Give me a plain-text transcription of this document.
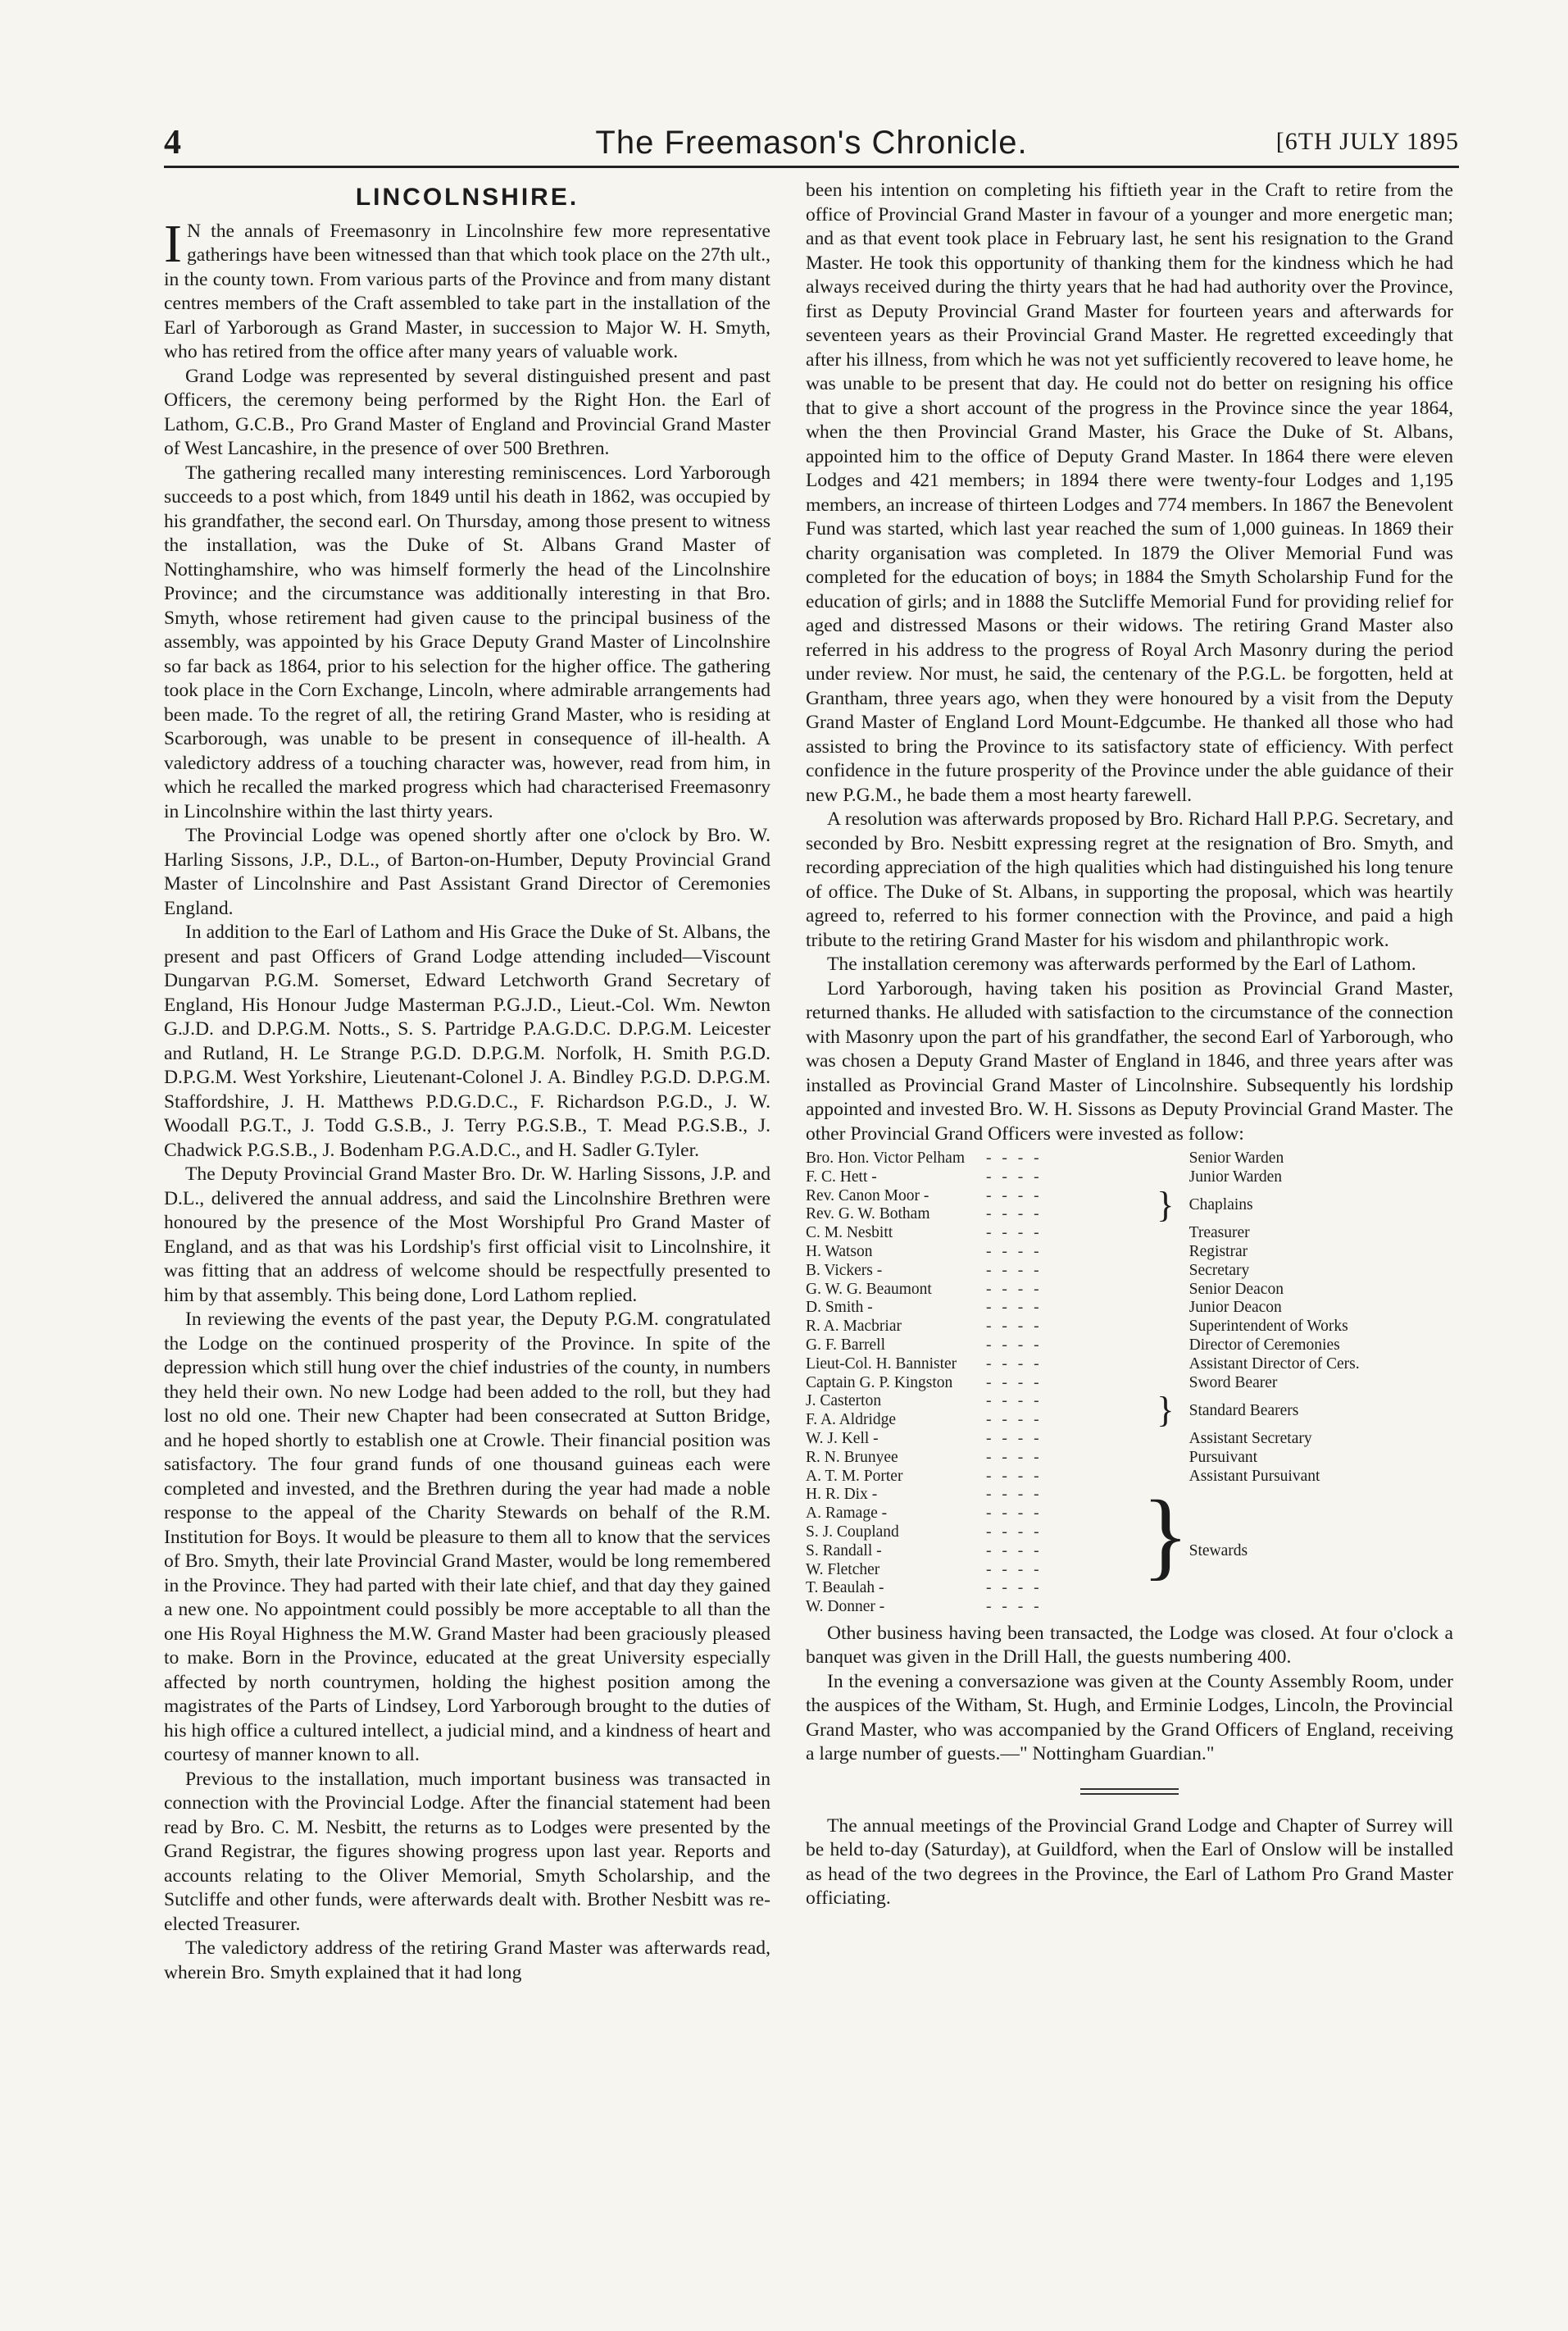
4	The Freemason's Chronicle.	[6TH JULY 1895
LINCOLNSHIRE.

I N the annals of Freemasonry in Lincolnshire few more representative gatherings have been witnessed than that which took place on the 27th ult., in the county town. From various parts of the Province and from many distant centres members of the Craft assembled to take part in the installation of the Earl of Yarborough as Grand Master, in succession to Major W. H. Smyth, who has retired from the office after many years of valuable work.

Grand Lodge was represented by several distinguished present and past Officers, the ceremony being performed by the Right Hon. the Earl of Lathom, G.C.B., Pro Grand Master of England and Provincial Grand Master of West Lancashire, in the presence of over 500 Brethren.

The gathering recalled many interesting reminiscences. Lord Yarborough succeeds to a post which, from 1849 until his death in 1862, was occupied by his grandfather, the second earl. On Thursday, among those present to witness the installation, was the Duke of St. Albans Grand Master of Nottinghamshire, who was himself formerly the head of the Lincolnshire Province; and the circumstance was additionally interesting in that Bro. Smyth, whose retirement had given cause to the principal business of the assembly, was appointed by his Grace Deputy Grand Master of Lincolnshire so far back as 1864, prior to his selection for the higher office. The gathering took place in the Corn Exchange, Lincoln, where admirable arrangements had been made. To the regret of all, the retiring Grand Master, who is residing at Scarborough, was unable to be present in consequence of ill-health. A valedictory address of a touching character was, however, read from him, in which he recalled the marked progress which had characterised Freemasonry in Lincolnshire within the last thirty years.

The Provincial Lodge was opened shortly after one o'clock by Bro. W. Harling Sissons, J.P., D.L., of Barton-on-Humber, Deputy Provincial Grand Master of Lincolnshire and Past Assistant Grand Director of Ceremonies England.

In addition to the Earl of Lathom and His Grace the Duke of St. Albans, the present and past Officers of Grand Lodge attending included—Viscount Dungarvan P.G.M. Somerset, Edward Letchworth Grand Secretary of England, His Honour Judge Masterman P.G.J.D., Lieut.-Col. Wm. Newton G.J.D. and D.P.G.M. Notts., S. S. Partridge P.A.G.D.C. D.P.G.M. Leicester and Rutland, H. Le Strange P.G.D. D.P.G.M. Norfolk, H. Smith P.G.D. D.P.G.M. West Yorkshire, Lieutenant-Colonel J. A. Bindley P.G.D. D.P.G.M. Staffordshire, J. H. Matthews P.D.G.D.C., F. Richardson P.G.D., J. W. Woodall P.G.T., J. Todd G.S.B., J. Terry P.G.S.B., T. Mead P.G.S.B., J. Chadwick P.G.S.B., J. Bodenham P.G.A.D.C., and H. Sadler G.Tyler.

The Deputy Provincial Grand Master Bro. Dr. W. Harling Sissons, J.P. and D.L., delivered the annual address, and said the Lincolnshire Brethren were honoured by the presence of the Most Worshipful Pro Grand Master of England, and as that was his Lordship's first official visit to Lincolnshire, it was fitting that an address of welcome should be respectfully presented to him by that assembly. This being done, Lord Lathom replied.

In reviewing the events of the past year, the Deputy P.G.M. congratulated the Lodge on the continued prosperity of the Province. In spite of the depression which still hung over the chief industries of the county, in numbers they held their own. No new Lodge had been added to the roll, but they had lost no old one. Their new Chapter had been consecrated at Sutton Bridge, and he hoped shortly to establish one at Crowle. Their financial position was satisfactory. The four grand funds of one thousand guineas each were completed and invested, and the Brethren during the year had made a noble response to the appeal of the Charity Stewards on behalf of the R.M. Institution for Boys. It would be pleasure to them all to know that the services of Bro. Smyth, their late Provincial Grand Master, would be long remembered in the Province. They had parted with their late chief, and that day they gained a new one. No appointment could possibly be more acceptable to all than the one His Royal Highness the M.W. Grand Master had been graciously pleased to make. Born in the Province, educated at the great University especially affected by north countrymen, holding the highest position among the magistrates of the Parts of Lindsey, Lord Yarborough brought to the duties of his high office a cultured intellect, a judicial mind, and a kindness of heart and courtesy of manner known to all.

Previous to the installation, much important business was transacted in connection with the Provincial Lodge. After the financial statement had been read by Bro. C. M. Nesbitt, the returns as to Lodges were presented by the Grand Registrar, the figures showing progress upon last year. Reports and accounts relating to the Oliver Memorial, Smyth Scholarship, and the Sutcliffe and other funds, were afterwards dealt with. Brother Nesbitt was re-elected Treasurer.

The valedictory address of the retiring Grand Master was afterwards read, wherein Bro. Smyth explained that it had long

been his intention on completing his fiftieth year in the Craft to retire from the office of Provincial Grand Master in favour of a younger and more energetic man; and as that event took place in February last, he sent his resignation to the Grand Master. He took this opportunity of thanking them for the kindness which he had always received during the thirty years that he had had authority over the Province, first as Deputy Provincial Grand Master for fourteen years and afterwards for seventeen years as their Provincial Grand Master. He regretted exceedingly that after his illness, from which he was not yet sufficiently recovered to leave home, he was unable to be present that day. He could not do better on resigning his office that to give a short account of the progress in the Province since the year 1864, when the then Provincial Grand Master, his Grace the Duke of St. Albans, appointed him to the office of Deputy Grand Master. In 1864 there were eleven Lodges and 421 members; in 1894 there were twenty-four Lodges and 1,195 members, an increase of thirteen Lodges and 774 members. In 1867 the Benevolent Fund was started, which last year reached the sum of 1,000 guineas. In 1869 their charity organisation was completed. In 1879 the Oliver Memorial Fund was completed for the education of boys; in 1884 the Smyth Scholarship Fund for the education of girls; and in 1888 the Sutcliffe Memorial Fund for providing relief for aged and distressed Masons or their widows. The retiring Grand Master also referred in his address to the progress of Royal Arch Masonry during the period under review. Nor must, he said, the centenary of the P.G.L. be forgotten, held at Grantham, three years ago, when they were honoured by a visit from the Deputy Grand Master of England Lord Mount-Edgcumbe. He thanked all those who had assisted to bring the Province to its satisfactory state of efficiency. With perfect confidence in the future prosperity of the Province under the able guidance of their new P.G.M., he bade them a most hearty farewell.

A resolution was afterwards proposed by Bro. Richard Hall P.P.G. Secretary, and seconded by Bro. Nesbitt expressing regret at the resignation of Bro. Smyth, and recording appreciation of the high qualities which had distinguished his long tenure of office. The Duke of St. Albans, in supporting the proposal, which was heartily agreed to, referred to his former connection with the Province, and paid a high tribute to the retiring Grand Master for his wisdom and philanthropic work.

The installation ceremony was afterwards performed by the Earl of Lathom.

Lord Yarborough, having taken his position as Provincial Grand Master, returned thanks. He alluded with satisfaction to the circumstance of the connection with Masonry upon the part of his grandfather, the second Earl of Yarborough, who was chosen a Deputy Grand Master of England in 1846, and three years after was installed as Provincial Grand Master of Lincolnshire. Subsequently his lordship appointed and invested Bro. W. H. Sissons as Deputy Provincial Grand Master. The other Provincial Grand Officers were invested as follow:

Bro. Hon. Victor Pelham	- - - -		Senior Warden
F. C. Hett -	- - - -		Junior Warden
Rev. Canon Moor -	- - - -	}	Chaplains
Rev. G. W. Botham	- - - -		
C. M. Nesbitt	- - - -		Treasurer
H. Watson	- - - -		Registrar
B. Vickers -	- - - -		Secretary
G. W. G. Beaumont	- - - -		Senior Deacon
D. Smith -	- - - -		Junior Deacon
R. A. Macbriar	- - - -		Superintendent of Works
G. F. Barrell	- - - -		Director of Ceremonies
Lieut-Col. H. Bannister	- - - -		Assistant Director of Cers.
Captain G. P. Kingston	- - - -		Sword Bearer
J. Casterton	- - - -	}	Standard Bearers
F. A. Aldridge	- - - -		
W. J. Kell -	- - - -		Assistant Secretary
R. N. Brunyee	- - - -		Pursuivant
A. T. M. Porter	- - - -		Assistant Pursuivant
H. R. Dix -	- - - -	}	Stewards
A. Ramage -	- - - -		
S. J. Coupland	- - - -		
S. Randall -	- - - -		
W. Fletcher	- - - -		
T. Beaulah -	- - - -		
W. Donner -	- - - -		

Other business having been transacted, the Lodge was closed. At four o'clock a banquet was given in the Drill Hall, the guests numbering 400.

In the evening a conversazione was given at the County Assembly Room, under the auspices of the Witham, St. Hugh, and Erminie Lodges, Lincoln, the Provincial Grand Master, who was accompanied by the Grand Officers of England, receiving a large number of guests.—" Nottingham Guardian."

The annual meetings of the Provincial Grand Lodge and Chapter of Surrey will be held to-day (Saturday), at Guildford, when the Earl of Onslow will be installed as head of the two degrees in the Province, the Earl of Lathom Pro Grand Master officiating.
